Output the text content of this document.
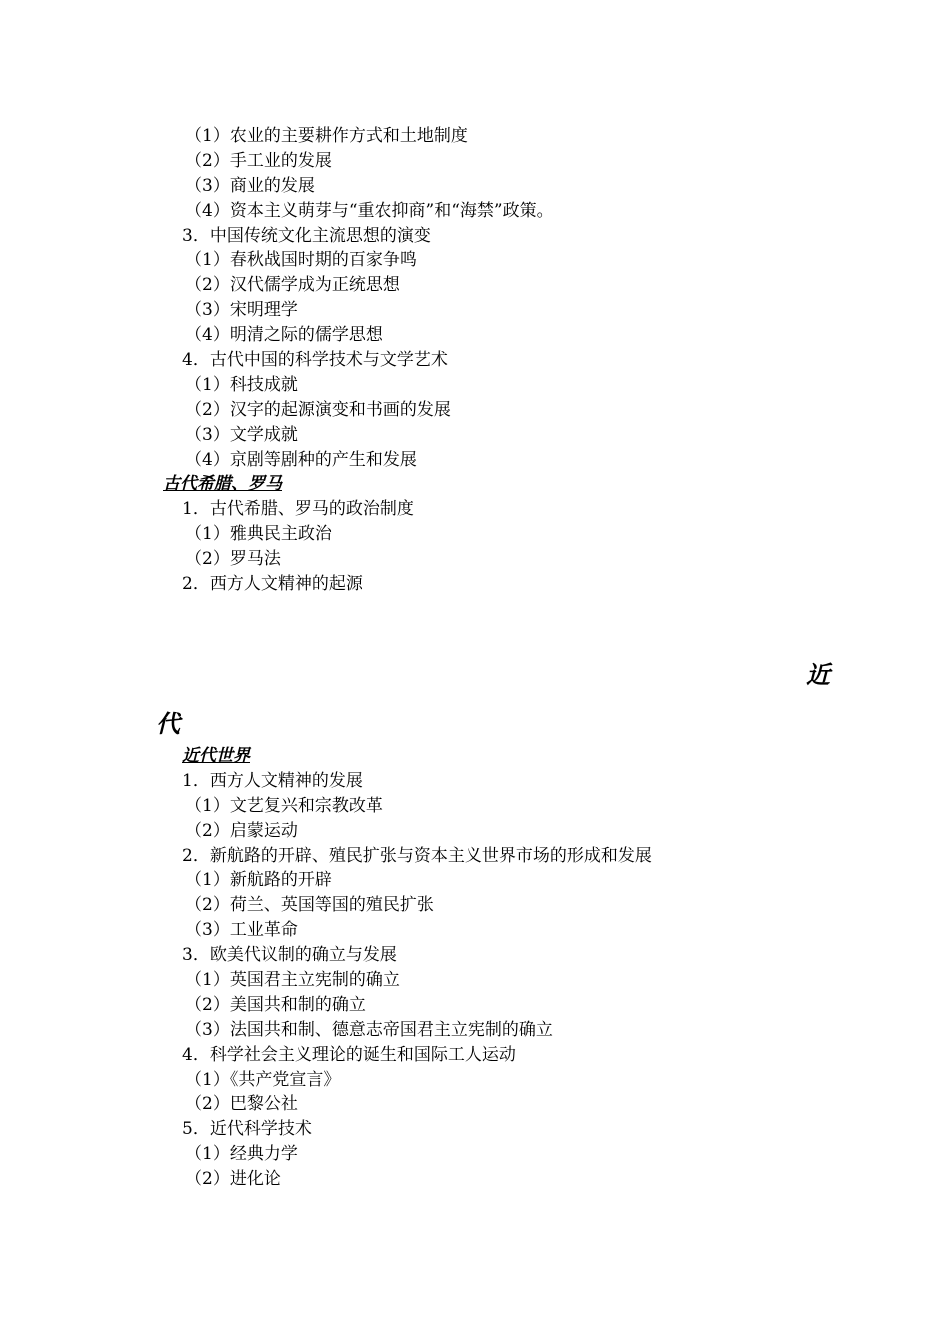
（1）农业的主要耕作方式和土地制度
（2）手工业的发展
（3）商业的发展
（4）资本主义萌芽与“重农抑商”和“海禁”政策。
3．中国传统文化主流思想的演变
（1）春秋战国时期的百家争鸣
（2）汉代儒学成为正统思想
（3）宋明理学
（4）明清之际的儒学思想
4．古代中国的科学技术与文学艺术
（1）科技成就
（2）汉字的起源演变和书画的发展
（3）文学成就
（4）京剧等剧种的产生和发展
古代希腊、罗马
1．古代希腊、罗马的政治制度
（1）雅典民主政治
（2）罗马法
2．西方人文精神的起源
近
代
近代世界
1．西方人文精神的发展
（1）文艺复兴和宗教改革
（2）启蒙运动
2．新航路的开辟、殖民扩张与资本主义世界市场的形成和发展
（1）新航路的开辟
（2）荷兰、英国等国的殖民扩张
（3）工业革命
3．欧美代议制的确立与发展
（1）英国君主立宪制的确立
（2）美国共和制的确立
（3）法国共和制、德意志帝国君主立宪制的确立
4．科学社会主义理论的诞生和国际工人运动
（1）《共产党宣言》
（2）巴黎公社
5．近代科学技术
（1）经典力学
（2）进化论
